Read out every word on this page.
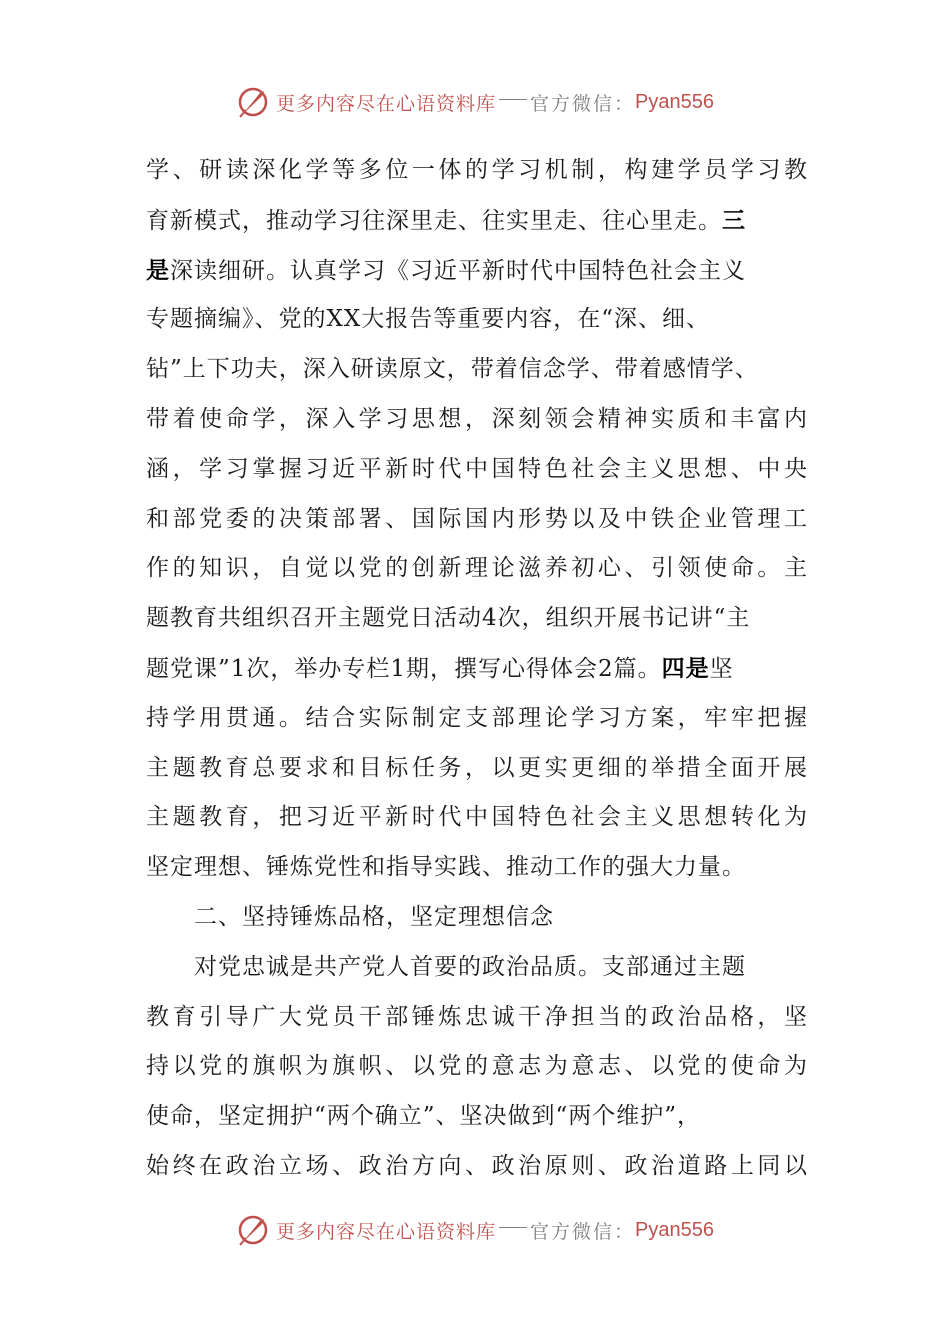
更多内容尽在心语资料库 官方微信： Pyan556
学、研读深化学等多位一体的学习机制，构建学员学习教
育新模式，推动学习往深里走、往实里走、往心里走。三
是深读细研。认真学习《习近平新时代中国特色社会主义
专题摘编》、党的XX大报告等重要内容，在“深、细、
钻”上下功夫，深入研读原文，带着信念学、带着感情学、
带着使命学，深入学习思想，深刻领会精神实质和丰富内
涵，学习掌握习近平新时代中国特色社会主义思想、中央
和部党委的决策部署、国际国内形势以及中铁企业管理工
作的知识，自觉以党的创新理论滋养初心、引领使命。主
题教育共组织召开主题党日活动4次，组织开展书记讲“主
题党课”1次，举办专栏1期，撰写心得体会2篇。四是坚
持学用贯通。结合实际制定支部理论学习方案，牢牢把握
主题教育总要求和目标任务，以更实更细的举措全面开展
主题教育，把习近平新时代中国特色社会主义思想转化为
坚定理想、锤炼党性和指导实践、推动工作的强大力量。
二、坚持锤炼品格，坚定理想信念
对党忠诚是共产党人首要的政治品质。支部通过主题
教育引导广大党员干部锤炼忠诚干净担当的政治品格，坚
持以党的旗帜为旗帜、以党的意志为意志、以党的使命为
使命，坚定拥护“两个确立”、坚决做到“两个维护”，
始终在政治立场、政治方向、政治原则、政治道路上同以
更多内容尽在心语资料库 官方微信： Pyan556
